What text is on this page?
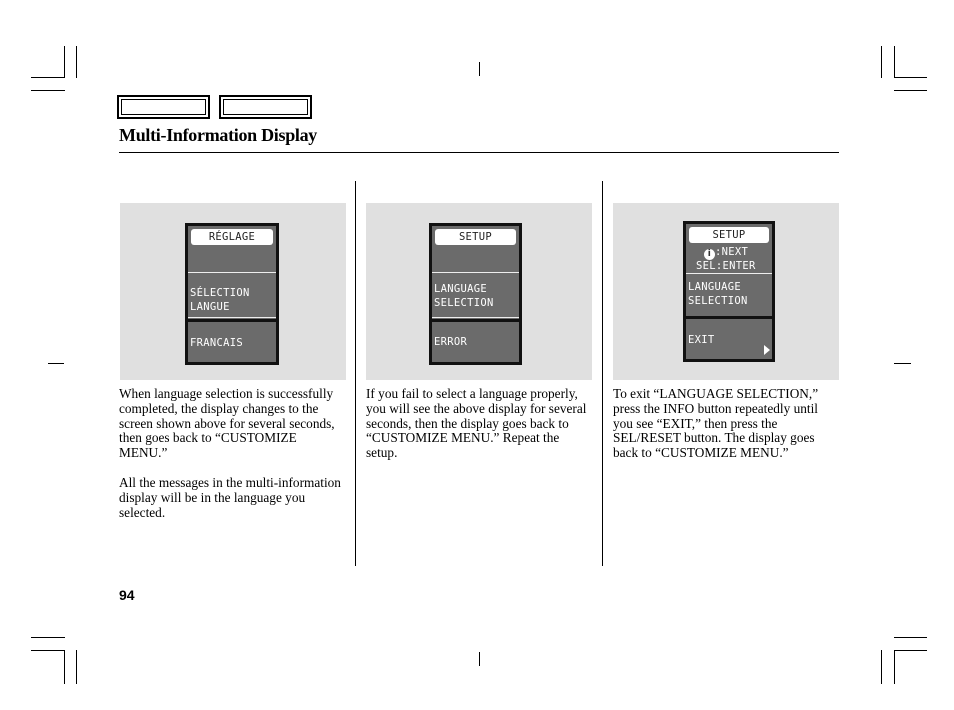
Multi-Information Display
RÉGLAGE
SÉLECTION
LANGUE
FRANCAIS

When language selection is successfully completed, the display changes to the screen shown above for several seconds, then goes back to “CUSTOMIZE MENU.”

All the messages in the multi-information display will be in the language you selected.

SETUP
LANGUAGE
SELECTION
ERROR

If you fail to select a language properly, you will see the above display for several seconds, then the display goes back to “CUSTOMIZE MENU.” Repeat the setup.

SETUP
i :NEXT
SEL:ENTER
LANGUAGE
SELECTION
EXIT

To exit “LANGUAGE SELECTION,” press the INFO button repeatedly until you see “EXIT,” then press the SEL/RESET button. The display goes back to “CUSTOMIZE MENU.”

94
